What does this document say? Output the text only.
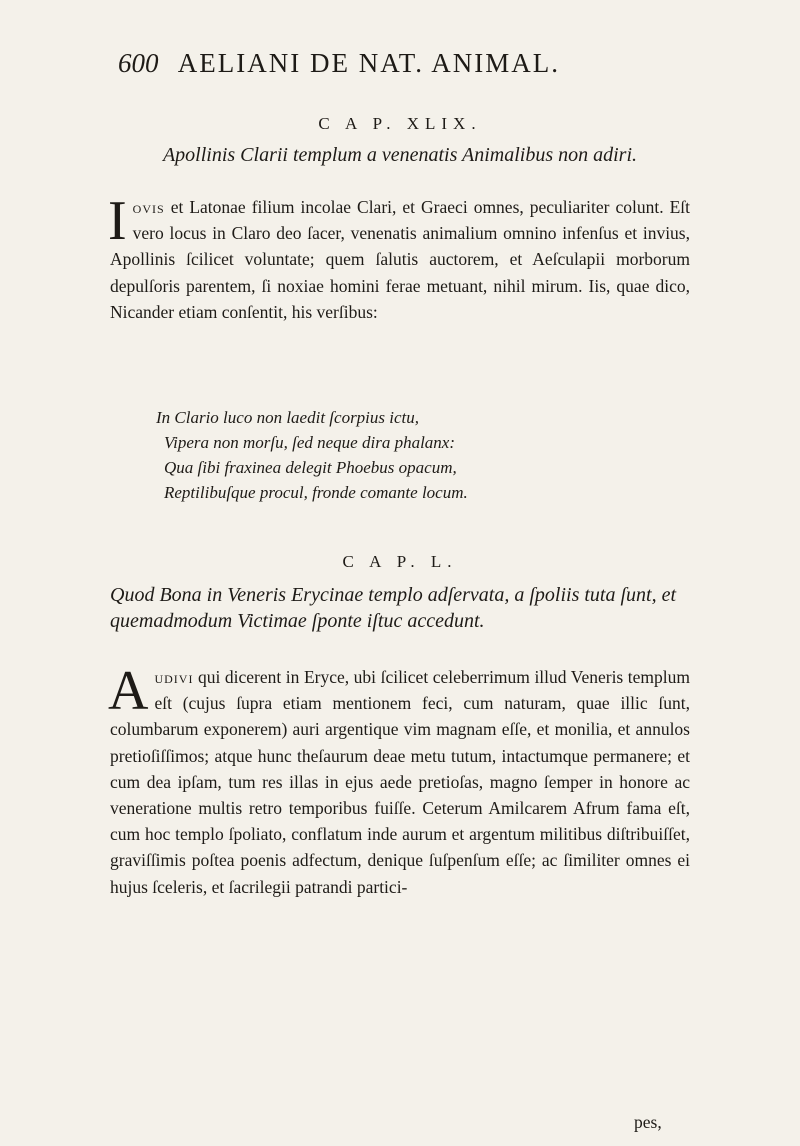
600 AELIANI DE NAT. ANIMAL.
C A P. XLIX.
Apollinis Clarii templum a venenatis Animalibus non adiri.

Iovis et Latonae filium incolae Clari, et Graeci omnes, peculiariter colunt. Eſt vero locus in Claro deo ſacer, venenatis animalium omnino infenſus et invius, Apollinis ſcilicet voluntate; quem ſalutis auctorem, et Aeſculapii morborum depulſoris parentem, ſi noxiae homini ferae metuant, nihil mirum. Iis, quae dico, Nicander etiam conſentit, his verſibus:

In Clario luco non laedit ſcorpius ictu,
Vipera non morſu, ſed neque dira phalanx:
Qua ſibi fraxinea delegit Phoebus opacum,
Reptilibuſque procul, fronde comante locum.
C A P. L.
Quod Bona in Veneris Erycinae templo adſervata, a ſpoliis tuta ſunt, et quemadmodum Victimae ſponte iſtuc accedunt.

Audivi qui dicerent in Eryce, ubi ſcilicet celeberrimum illud Veneris templum eſt (cujus ſupra etiam mentionem feci, cum naturam, quae illic ſunt, columbarum exponerem) auri argentique vim magnam eſſe, et monilia, et annulos pretioſiſſimos; atque hunc theſaurum deae metu tutum, intactumque permanere; et cum dea ipſam, tum res illas in ejus aede pretioſas, magno ſemper in honore ac veneratione multis retro temporibus fuiſſe. Ceterum Amilcarem Afrum fama eſt, cum hoc templo ſpoliato, conflatum inde aurum et argentum militibus diſtribuiſſet, graviſſimis poſtea poenis adfectum, denique ſuſpenſum eſſe; ac ſimiliter omnes ei hujus ſceleris, et ſacrilegii patrandi partici-

pes,
